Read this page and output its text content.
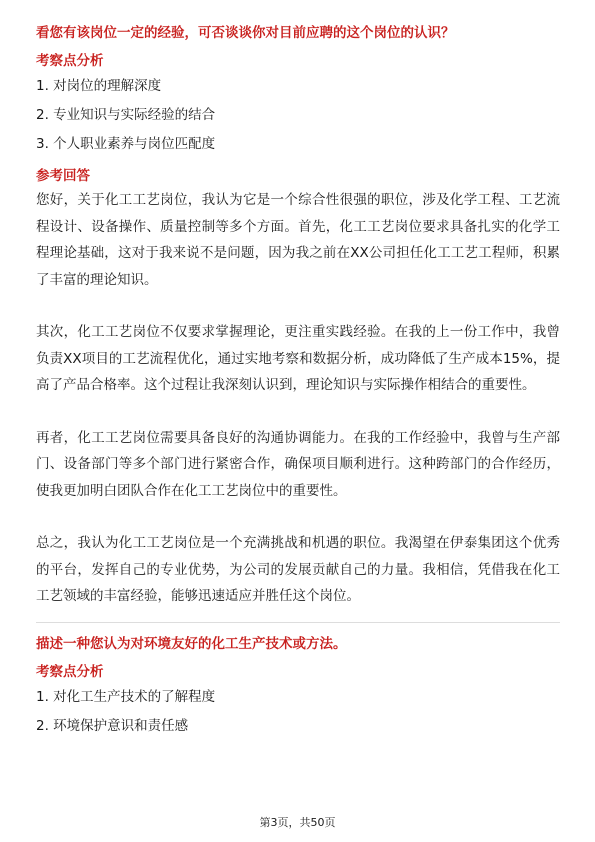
看您有该岗位一定的经验，可否谈谈你对目前应聘的这个岗位的认识？

考察点分析

1. 对岗位的理解深度
2. 专业知识与实际经验的结合
3. 个人职业素养与岗位匹配度

参考回答

您好，关于化工工艺岗位，我认为它是一个综合性很强的职位，涉及化学工程、工艺流程设计、设备操作、质量控制等多个方面。首先，化工工艺岗位要求具备扎实的化学工程理论基础，这对于我来说不是问题，因为我之前在XX公司担任化工工艺工程师，积累了丰富的理论知识。

其次，化工工艺岗位不仅要求掌握理论，更注重实践经验。在我的上一份工作中，我曾负责XX项目的工艺流程优化，通过实地考察和数据分析，成功降低了生产成本15%，提高了产品合格率。这个过程让我深刻认识到，理论知识与实际操作相结合的重要性。

再者，化工工艺岗位需要具备良好的沟通协调能力。在我的工作经验中，我曾与生产部门、设备部门等多个部门进行紧密合作，确保项目顺利进行。这种跨部门的合作经历，使我更加明白团队合作在化工工艺岗位中的重要性。

总之，我认为化工工艺岗位是一个充满挑战和机遇的职位。我渴望在伊泰集团这个优秀的平台，发挥自己的专业优势，为公司的发展贡献自己的力量。我相信，凭借我在化工工艺领域的丰富经验，能够迅速适应并胜任这个岗位。

描述一种您认为对环境友好的化工生产技术或方法。

考察点分析

1. 对化工生产技术的了解程度
2. 环境保护意识和责任感
第3页，共50页
